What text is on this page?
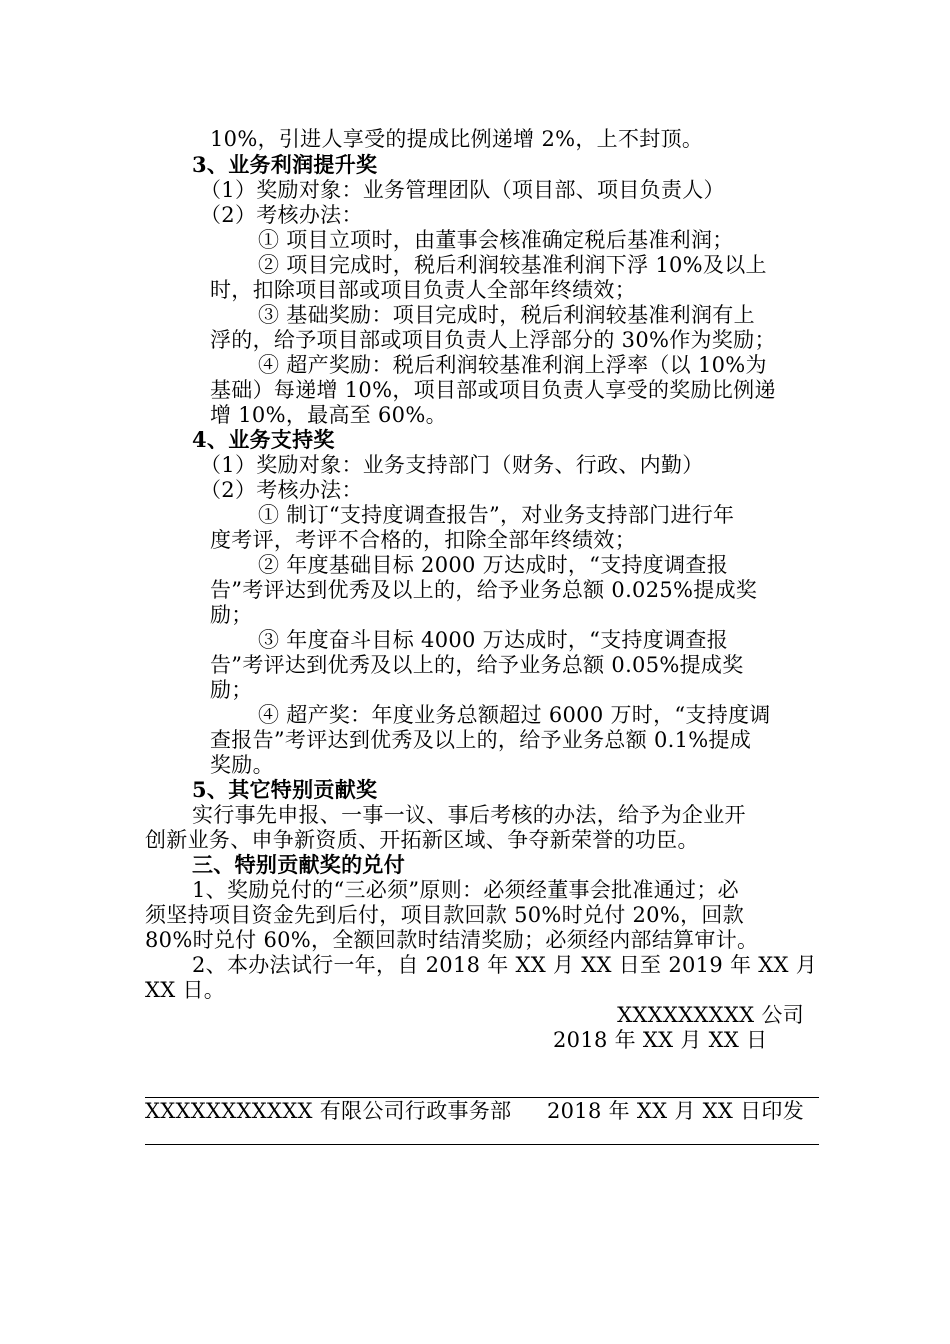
10%，引进人享受的提成比例递增 2%，上不封顶。
3、业务利润提升奖
（1）奖励对象：业务管理团队（项目部、项目负责人）
（2）考核办法：
① 项目立项时，由董事会核准确定税后基准利润；
② 项目完成时，税后利润较基准利润下浮 10%及以上
时，扣除项目部或项目负责人全部年终绩效；
③ 基础奖励：项目完成时，税后利润较基准利润有上
浮的，给予项目部或项目负责人上浮部分的 30%作为奖励；
④ 超产奖励：税后利润较基准利润上浮率（以 10%为
基础）每递增 10%，项目部或项目负责人享受的奖励比例递
增 10%，最高至 60%。
4、业务支持奖
（1）奖励对象：业务支持部门（财务、行政、内勤）
（2）考核办法：
① 制订“支持度调查报告”，对业务支持部门进行年
度考评，考评不合格的，扣除全部年终绩效；
② 年度基础目标 2000 万达成时，“支持度调查报
告”考评达到优秀及以上的，给予业务总额 0.025%提成奖
励；
③ 年度奋斗目标 4000 万达成时，“支持度调查报
告”考评达到优秀及以上的，给予业务总额 0.05%提成奖
励；
④ 超产奖：年度业务总额超过 6000 万时，“支持度调
查报告”考评达到优秀及以上的，给予业务总额 0.1%提成
奖励。
5、其它特别贡献奖
实行事先申报、一事一议、事后考核的办法，给予为企业开
创新业务、申争新资质、开拓新区域、争夺新荣誉的功臣。
三、特别贡献奖的兑付
1、奖励兑付的“三必须”原则：必须经董事会批准通过；必
须坚持项目资金先到后付，项目款回款 50%时兑付 20%，回款
80%时兑付 60%，全额回款时结清奖励；必须经内部结算审计。
2、本办法试行一年，自 2018 年 XX 月 XX 日至 2019 年 XX 月
XX 日。
XXXXXXXXX 公司
2018 年 XX 月 XX 日
XXXXXXXXXXX 有限公司行政事务部 2018 年 XX 月 XX 日印发
